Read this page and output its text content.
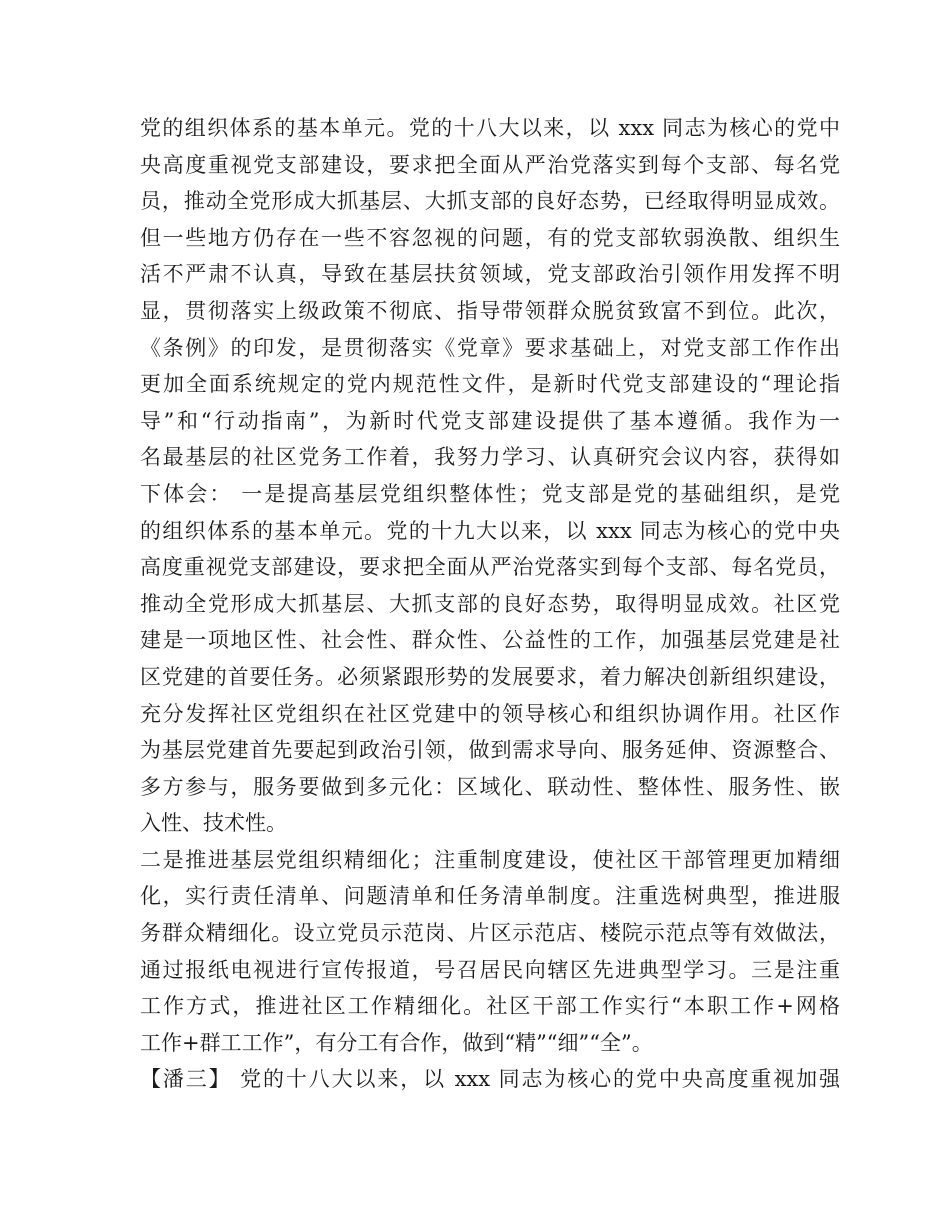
党的组织体系的基本单元。党的十八大以来，以 xxx 同志为核心的党中
央高度重视党支部建设，要求把全面从严治党落实到每个支部、每名党
员，推动全党形成大抓基层、大抓支部的良好态势，已经取得明显成效。
但一些地方仍存在一些不容忽视的问题，有的党支部软弱涣散、组织生
活不严肃不认真，导致在基层扶贫领域，党支部政治引领作用发挥不明
显，贯彻落实上级政策不彻底、指导带领群众脱贫致富不到位。此次，
《条例》的印发，是贯彻落实《党章》要求基础上，对党支部工作作出
更加全面系统规定的党内规范性文件，是新时代党支部建设的“理论指
导”和“行动指南”，为新时代党支部建设提供了基本遵循。我作为一
名最基层的社区党务工作着，我努力学习、认真研究会议内容，获得如
下体会： 一是提高基层党组织整体性；党支部是党的基础组织，是党
的组织体系的基本单元。党的十九大以来，以 xxx 同志为核心的党中央
高度重视党支部建设，要求把全面从严治党落实到每个支部、每名党员，
推动全党形成大抓基层、大抓支部的良好态势，取得明显成效。社区党
建是一项地区性、社会性、群众性、公益性的工作，加强基层党建是社
区党建的首要任务。必须紧跟形势的发展要求，着力解决创新组织建设，
充分发挥社区党组织在社区党建中的领导核心和组织协调作用。社区作
为基层党建首先要起到政治引领，做到需求导向、服务延伸、资源整合、
多方参与，服务要做到多元化：区域化、联动性、整体性、服务性、嵌
入性、技术性。
二是推进基层党组织精细化；注重制度建设，使社区干部管理更加精细
化，实行责任清单、问题清单和任务清单制度。注重选树典型，推进服
务群众精细化。设立党员示范岗、片区示范店、楼院示范点等有效做法，
通过报纸电视进行宣传报道，号召居民向辖区先进典型学习。三是注重
工作方式，推进社区工作精细化。社区干部工作实行“本职工作+网格
工作+群工工作”，有分工有合作，做到“精”“细”“全”。
【潘三】 党的十八大以来，以 xxx 同志为核心的党中央高度重视加强
